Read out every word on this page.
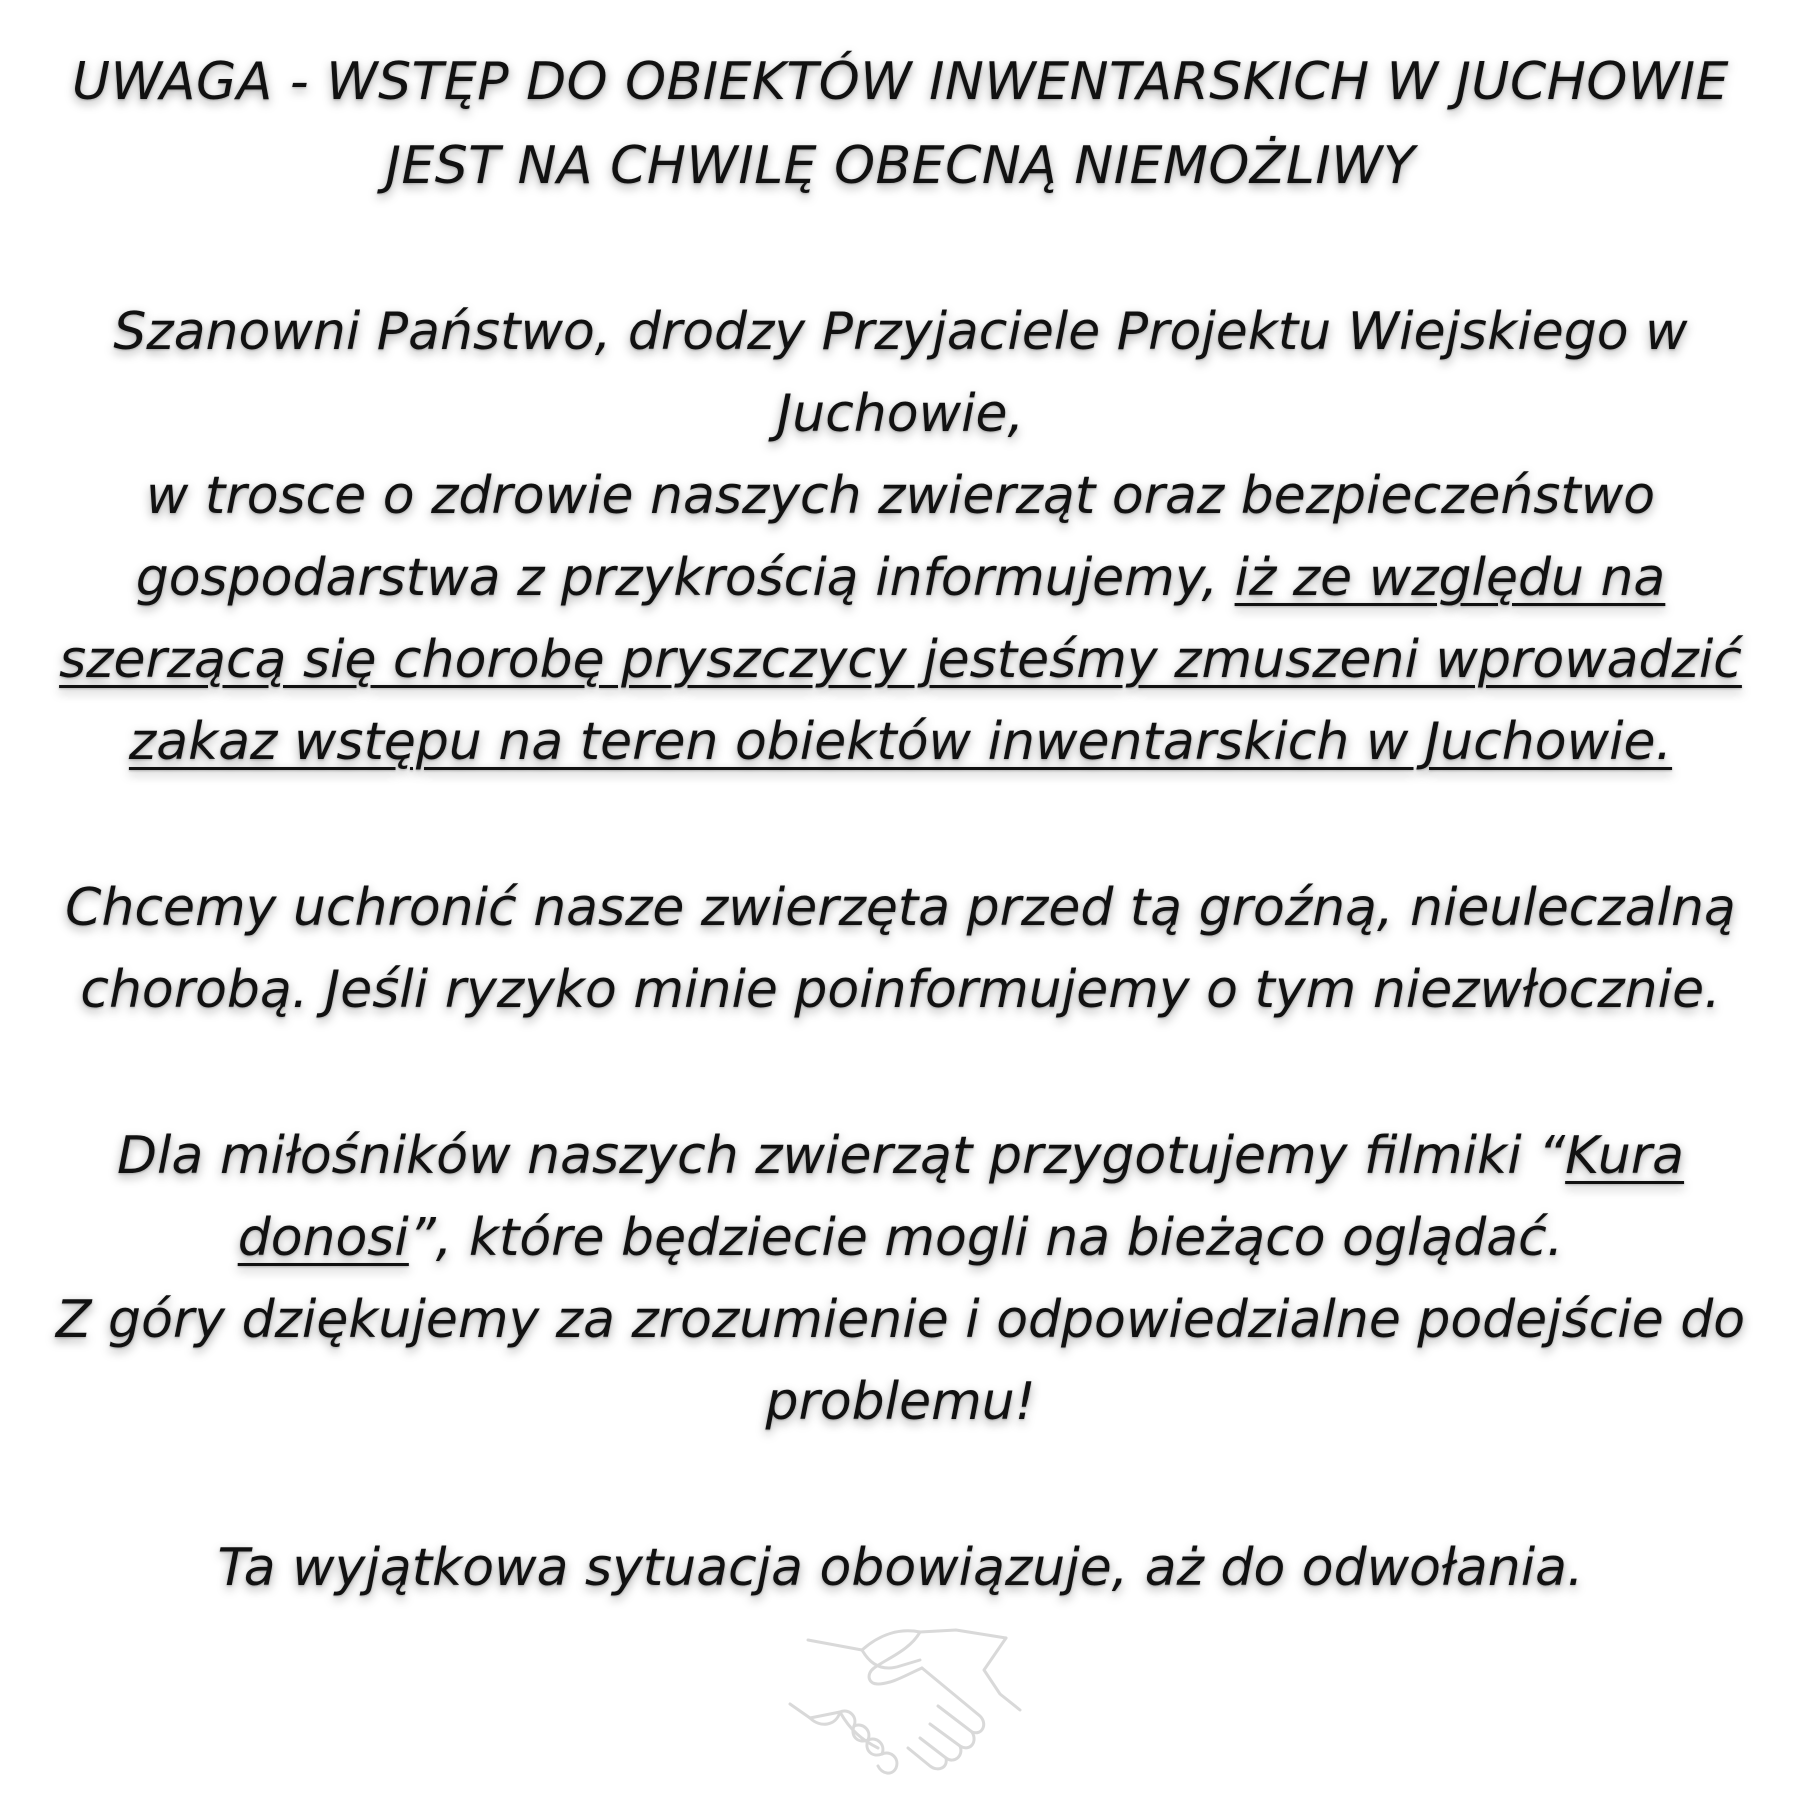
UWAGA - WSTĘP DO OBIEKTÓW INWENTARSKICH W JUCHOWIE
JEST NA CHWILĘ OBECNĄ NIEMOŻLIWY
Szanowni Państwo, drodzy Przyjaciele Projektu Wiejskiego w
Juchowie,
w trosce o zdrowie naszych zwierząt oraz bezpieczeństwo
gospodarstwa z przykrością informujemy, iż ze względu na
szerzącą się chorobę pryszczycy jesteśmy zmuszeni wprowadzić
zakaz wstępu na teren obiektów inwentarskich w Juchowie.
Chcemy uchronić nasze zwierzęta przed tą groźną, nieuleczalną
chorobą. Jeśli ryzyko minie poinformujemy o tym niezwłocznie.
Dla miłośników naszych zwierząt przygotujemy filmiki “Kura
donosi”, które będziecie mogli na bieżąco oglądać.
Z góry dziękujemy za zrozumienie i odpowiedzialne podejście do
problemu!
Ta wyjątkowa sytuacja obowiązuje, aż do odwołania.
